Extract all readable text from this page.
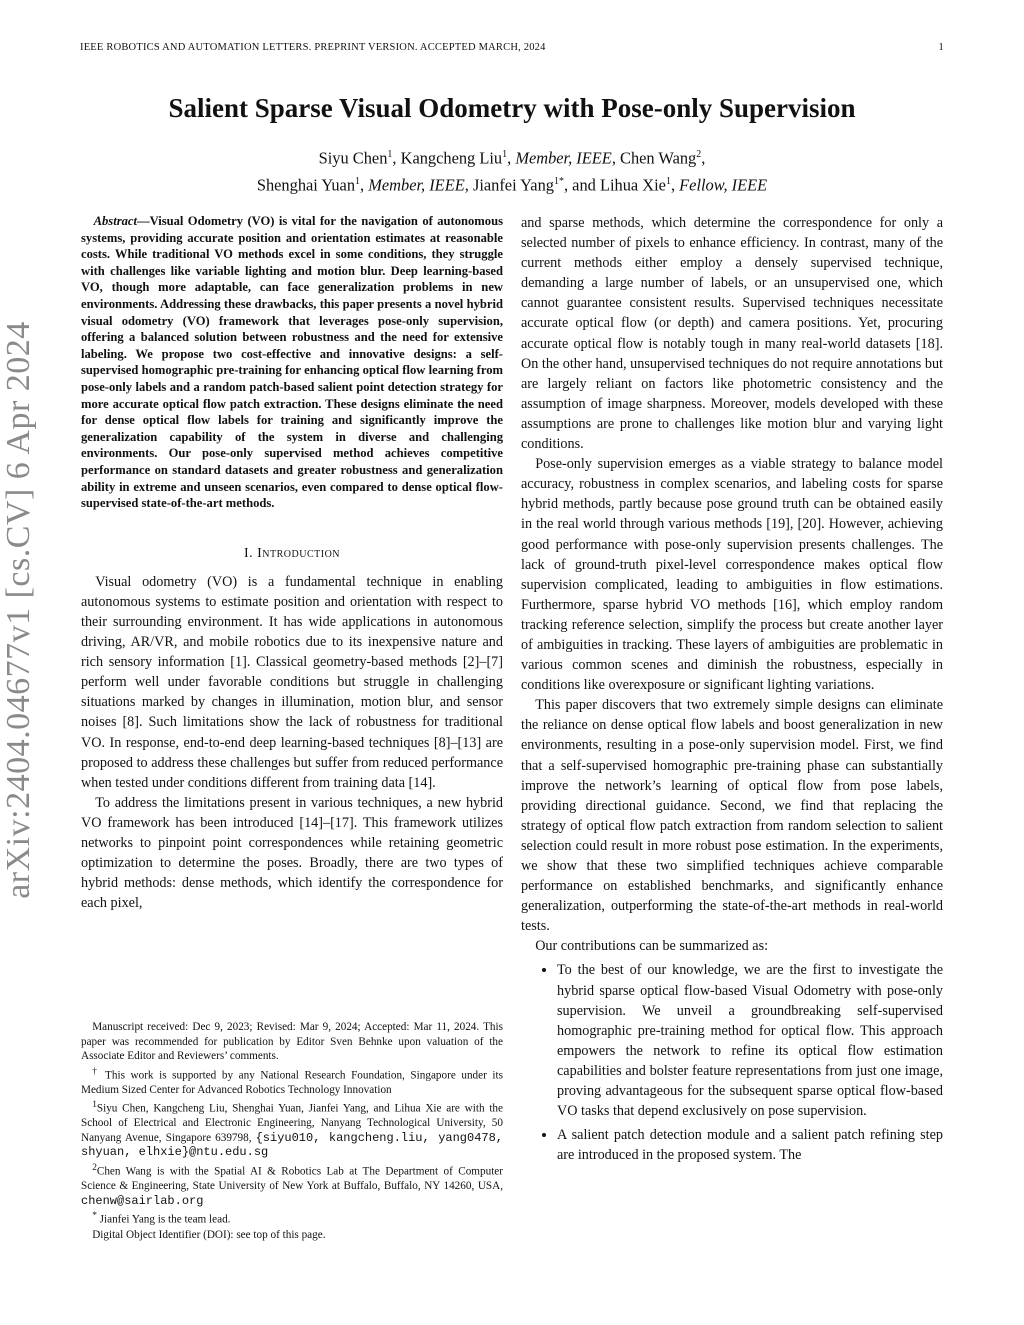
IEEE ROBOTICS AND AUTOMATION LETTERS. PREPRINT VERSION. ACCEPTED MARCH, 2024	1
arXiv:2404.04677v1 [cs.CV] 6 Apr 2024
Salient Sparse Visual Odometry with Pose-only Supervision
Siyu Chen$^1$, Kangcheng Liu$^1$, Member, IEEE, Chen Wang$^2$,
Shenghai Yuan$^1$, Member, IEEE, Jianfei Yang$^{1*}$, and Lihua Xie$^1$, Fellow, IEEE

Abstract—Visual Odometry (VO) is vital for the navigation of autonomous systems, providing accurate position and orientation estimates at reasonable costs. While traditional VO methods excel in some conditions, they struggle with challenges like variable lighting and motion blur. Deep learning-based VO, though more adaptable, can face generalization problems in new environments. Addressing these drawbacks, this paper presents a novel hybrid visual odometry (VO) framework that leverages pose-only supervision, offering a balanced solution between robustness and the need for extensive labeling. We propose two cost-effective and innovative designs: a self-supervised homographic pre-training for enhancing optical flow learning from pose-only labels and a random patch-based salient point detection strategy for more accurate optical flow patch extraction. These designs eliminate the need for dense optical flow labels for training and significantly improve the generalization capability of the system in diverse and challenging environments. Our pose-only supervised method achieves competitive performance on standard datasets and greater robustness and generalization ability in extreme and unseen scenarios, even compared to dense optical flow-supervised state-of-the-art methods.

I. Introduction

Visual odometry (VO) is a fundamental technique in enabling autonomous systems to estimate position and orientation with respect to their surrounding environment. It has wide applications in autonomous driving, AR/VR, and mobile robotics due to its inexpensive nature and rich sensory information [1]. Classical geometry-based methods [2]–[7] perform well under favorable conditions but struggle in challenging situations marked by changes in illumination, motion blur, and sensor noises [8]. Such limitations show the lack of robustness for traditional VO. In response, end-to-end deep learning-based techniques [8]–[13] are proposed to address these challenges but suffer from reduced performance when tested under conditions different from training data [14].

To address the limitations present in various techniques, a new hybrid VO framework has been introduced [14]–[17]. This framework utilizes networks to pinpoint point correspondences while retaining geometric optimization to determine the poses. Broadly, there are two types of hybrid methods: dense methods, which identify the correspondence for each pixel,

Manuscript received: Dec 9, 2023; Revised: Mar 9, 2024; Accepted: Mar 11, 2024. This paper was recommended for publication by Editor Sven Behnke upon valuation of the Associate Editor and Reviewers’ comments.

† This work is supported by any National Research Foundation, Singapore under its Medium Sized Center for Advanced Robotics Technology Innovation

$^1$Siyu Chen, Kangcheng Liu, Shenghai Yuan, Jianfei Yang, and Lihua Xie are with the School of Electrical and Electronic Engineering, Nanyang Technological University, 50 Nanyang Avenue, Singapore 639798, {siyu010, kangcheng.liu, yang0478, shyuan, elhxie}@ntu.edu.sg

$^2$Chen Wang is with the Spatial AI & Robotics Lab at The Department of Computer Science & Engineering, State University of New York at Buffalo, Buffalo, NY 14260, USA, chenw@sairlab.org

* Jianfei Yang is the team lead.

Digital Object Identifier (DOI): see top of this page.

and sparse methods, which determine the correspondence for only a selected number of pixels to enhance efficiency. In contrast, many of the current methods either employ a densely supervised technique, demanding a large number of labels, or an unsupervised one, which cannot guarantee consistent results. Supervised techniques necessitate accurate optical flow (or depth) and camera positions. Yet, procuring accurate optical flow is notably tough in many real-world datasets [18]. On the other hand, unsupervised techniques do not require annotations but are largely reliant on factors like photometric consistency and the assumption of image sharpness. Moreover, models developed with these assumptions are prone to challenges like motion blur and varying light conditions.

Pose-only supervision emerges as a viable strategy to balance model accuracy, robustness in complex scenarios, and labeling costs for sparse hybrid methods, partly because pose ground truth can be obtained easily in the real world through various methods [19], [20]. However, achieving good performance with pose-only supervision presents challenges. The lack of ground-truth pixel-level correspondence makes optical flow supervision complicated, leading to ambiguities in flow estimations. Furthermore, sparse hybrid VO methods [16], which employ random tracking reference selection, simplify the process but create another layer of ambiguities in tracking. These layers of ambiguities are problematic in various common scenes and diminish the robustness, especially in conditions like overexposure or significant lighting variations.

This paper discovers that two extremely simple designs can eliminate the reliance on dense optical flow labels and boost generalization in new environments, resulting in a pose-only supervision model. First, we find that a self-supervised homographic pre-training phase can substantially improve the network’s learning of optical flow from pose labels, providing directional guidance. Second, we find that replacing the strategy of optical flow patch extraction from random selection to salient selection could result in more robust pose estimation. In the experiments, we show that these two simplified techniques achieve comparable performance on established benchmarks, and significantly enhance generalization, outperforming the state-of-the-art methods in real-world tests.

Our contributions can be summarized as:

• To the best of our knowledge, we are the first to investigate the hybrid sparse optical flow-based Visual Odometry with pose-only supervision. We unveil a groundbreaking self-supervised homographic pre-training method for optical flow. This approach empowers the network to refine its optical flow estimation capabilities and bolster feature representations from just one image, proving advantageous for the subsequent sparse optical flow-based VO tasks that depend exclusively on pose supervision.
• A salient patch detection module and a salient patch refining step are introduced in the proposed system. The
